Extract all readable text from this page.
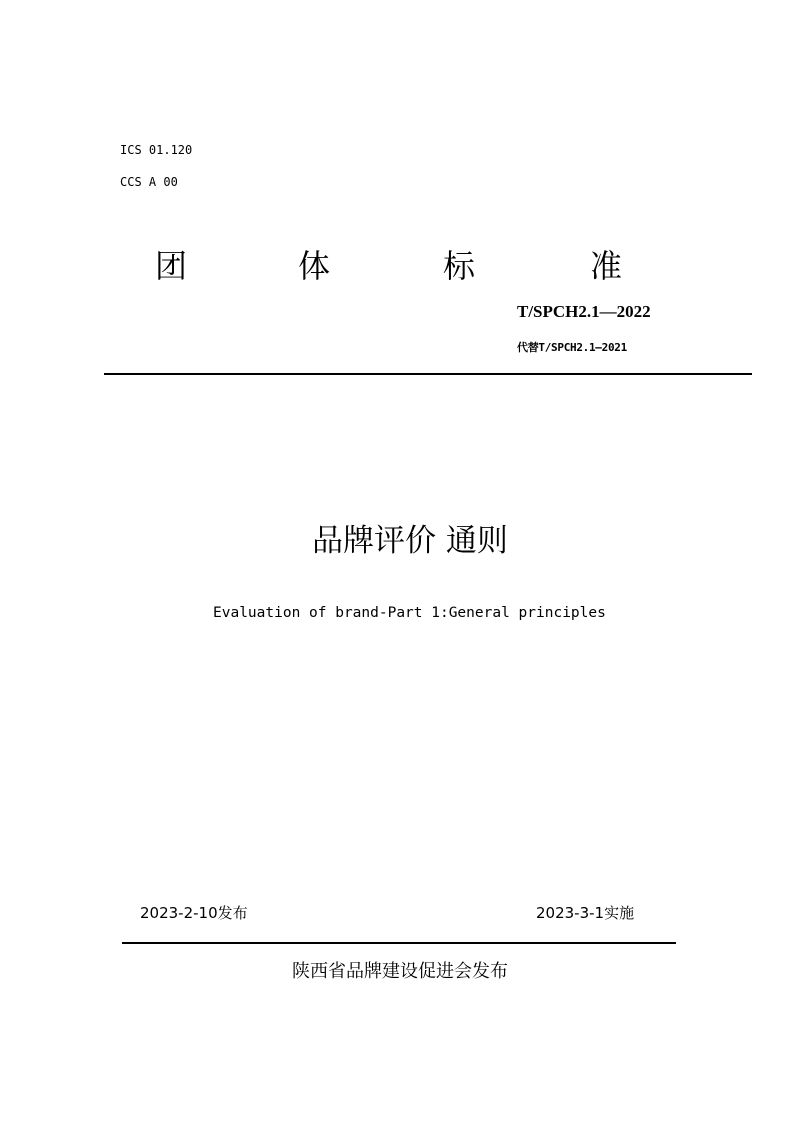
ICS 01.120
CCS A 00
团	体	标	准
T/SPCH2.1—2022
代替T/SPCH2.1—2021
品牌评价 通则
Evaluation of brand-Part 1:General principles
2023-2-10发布	2023-3-1实施
陕西省品牌建设促进会发布
